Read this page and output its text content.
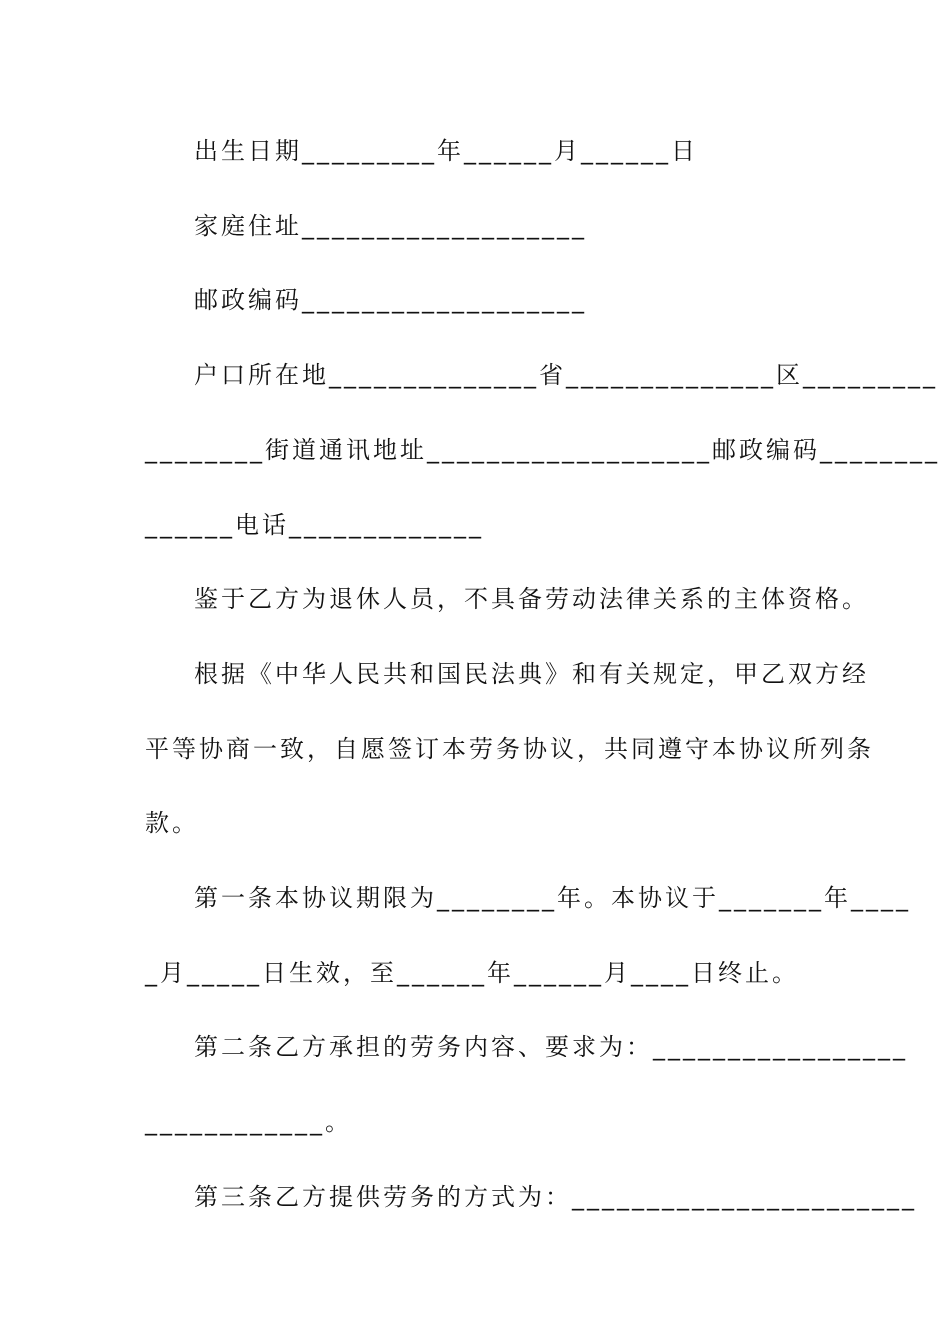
出生日期_________年______月______日
家庭住址___________________
邮政编码___________________
户口所在地______________省______________区_________
________街道通讯地址___________________邮政编码________
______电话_____________
鉴于乙方为退休人员，不具备劳动法律关系的主体资格。
根据《中华人民共和国民法典》和有关规定，甲乙双方经
平等协商一致，自愿签订本劳务协议，共同遵守本协议所列条
款。
第一条本协议期限为________年。本协议于_______年____
_月_____日生效，至______年______月____日终止。
第二条乙方承担的劳务内容、要求为：_________________
____________。
第三条乙方提供劳务的方式为：_______________________
